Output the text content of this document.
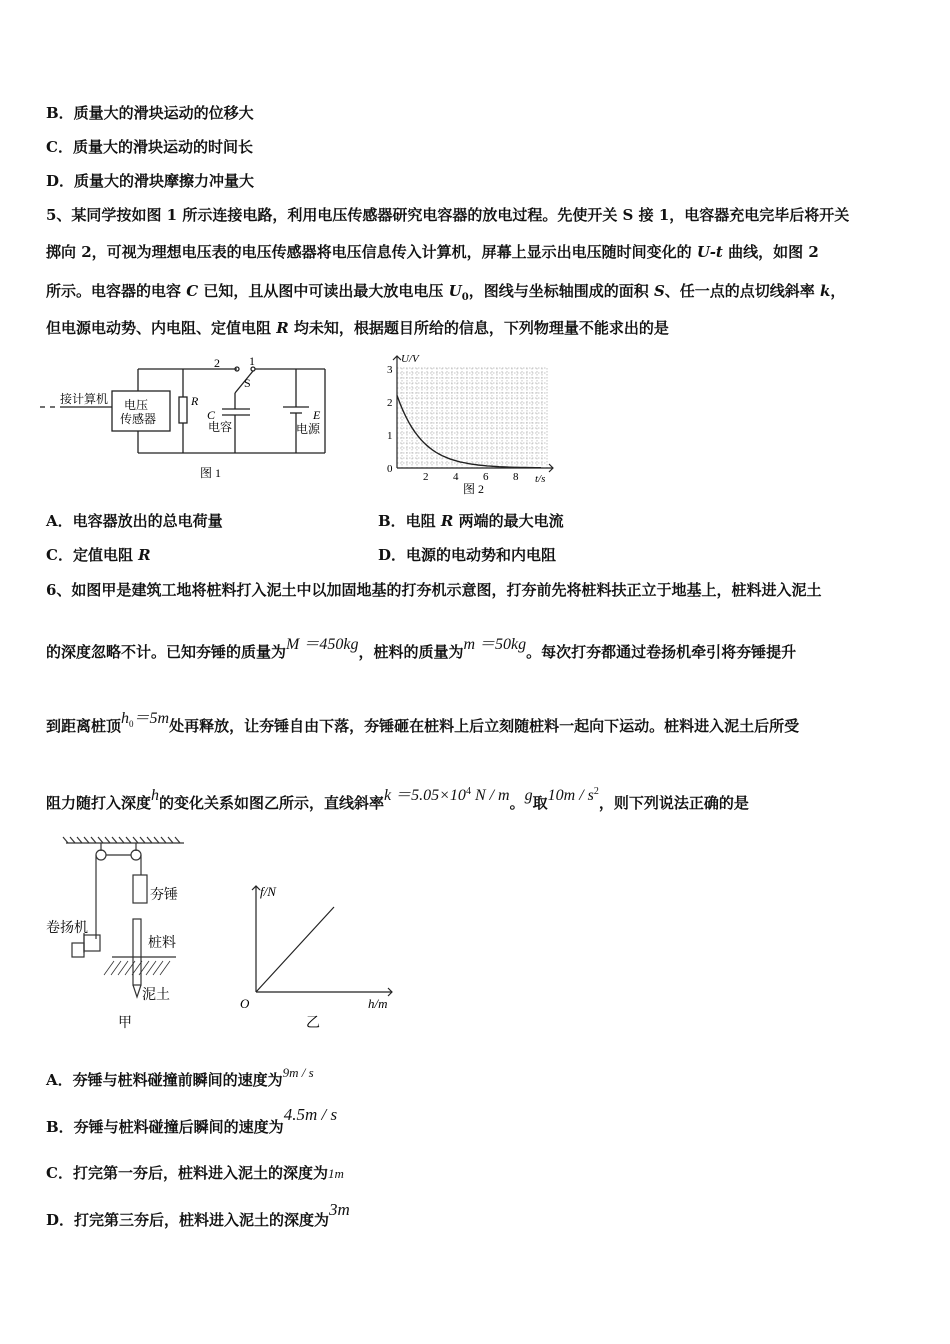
B．质量大的滑块运动的位移大
C．质量大的滑块运动的时间长
D．质量大的滑块摩擦力冲量大
5、某同学按如图 1 所示连接电路，利用电压传感器研究电容器的放电过程。先使开关 S 接 1，电容器充电完毕后将开关
掷向 2，可视为理想电压表的电压传感器将电压信息传入计算机，屏幕上显示出电压随时间变化的 U-t 曲线，如图 2
所示。电容器的电容 C 已知，且从图中可读出最大放电电压 $U_0$，图线与坐标轴围成的面积 S、任一点的点切线斜率 k，
但电源电动势、内电阻、定值电阻 R 均未知，根据题目所给的信息，下列物理量不能求出的是
接计算机 电压
传感器
R
2 1
S
C
电容
E
电源
图 1
U/V
t/s
0
1
2
3
2 4 6 8
图 2
A．电容器放出的总电荷量	B．电阻 R 两端的最大电流
C．定值电阻 R	D．电源的电动势和内电阻
6、如图甲是建筑工地将桩料打入泥土中以加固地基的打夯机示意图，打夯前先将桩料扶正立于地基上，桩料进入泥土
的深度忽略不计。已知夯锤的质量为M ＝450kg，桩料的质量为m ＝50kg。每次打夯都通过卷扬机牵引将夯锤提升
到距离桩顶$h_0=5m$处再释放，让夯锤自由下落，夯锤砸在桩料上后立刻随桩料一起向下运动。桩料进入泥土后所受
阻力随打入深度h的变化关系如图乙所示，直线斜率$k =5.05\times 10^4$ N / m。g取$10m / s^2$，则下列说法正确的是
夯锤
卷扬机
桩料
泥土
甲
f/N
h/m
O
乙
A．夯锤与桩料碰撞前瞬间的速度为9m / s
B．夯锤与桩料碰撞后瞬间的速度为4.5m / s
C．打完第一夯后，桩料进入泥土的深度为1m
D．打完第三夯后，桩料进入泥土的深度为3m
